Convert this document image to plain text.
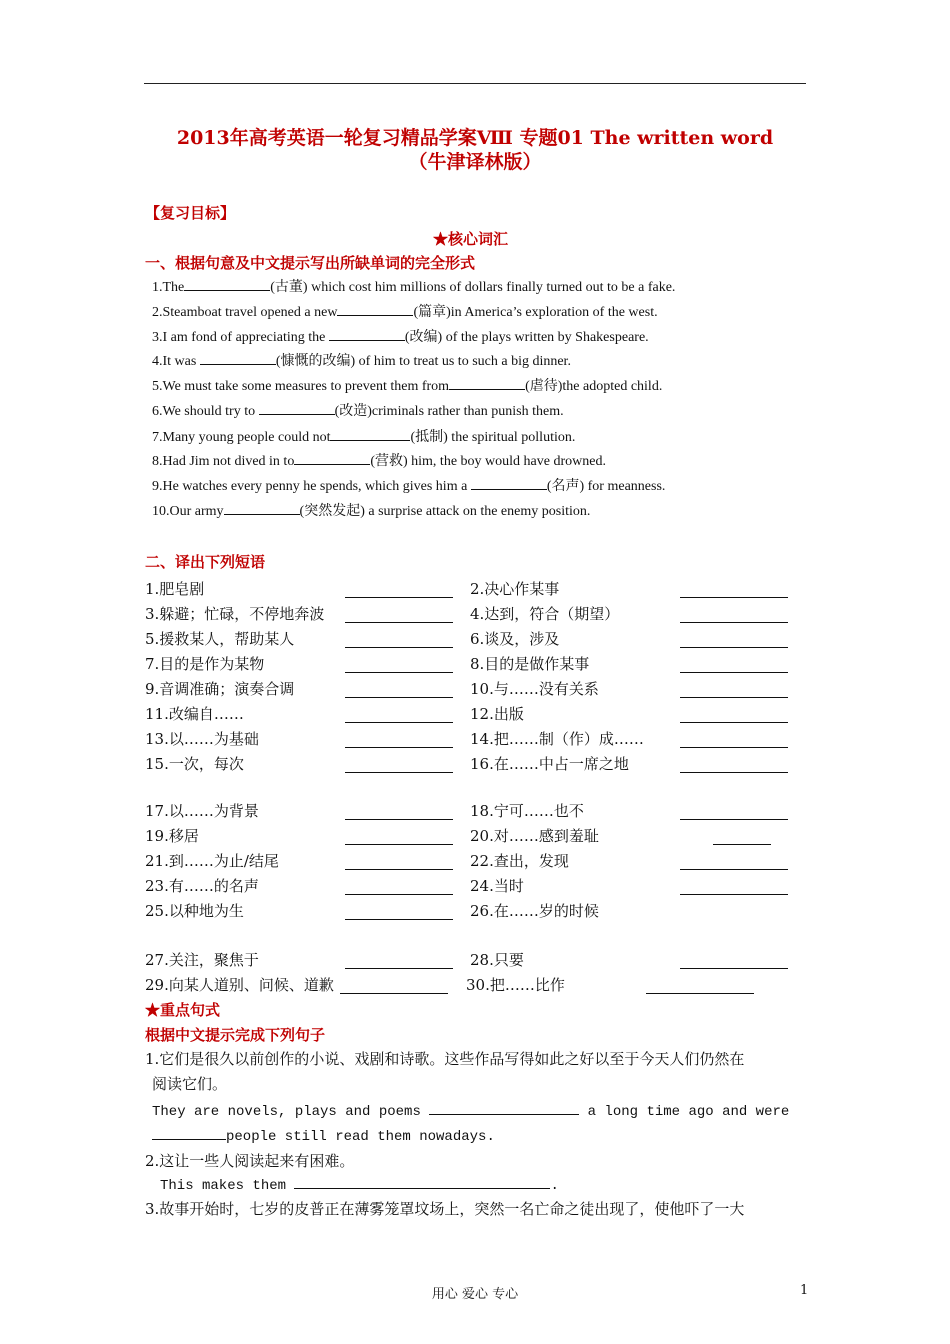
2013年高考英语一轮复习精品学案Ⅷ 专题01 The written word
（牛津译林版）
【复习目标】
★核心词汇
一、根据句意及中文提示写出所缺单词的完全形式
1.The	(古董) which cost him millions of dollars finally turned out to be a fake.
2.Steamboat travel opened a new	(篇章)in America’s exploration of the west.
3.I am fond of appreciating the	(改编) of the plays written by Shakespeare.
4.It was	(慷慨的改编) of him to treat us to such a big dinner.
5.We must take some measures to prevent them from	(虐待)the adopted child.
6.We should try to	(改造)criminals rather than punish them.
7.Many young people could not	(抵制) the spiritual pollution.
8.Had Jim not dived in to	(营救) him, the boy would have drowned.
9.He watches every penny he spends, which gives him a	(名声) for meanness.
10.Our army	(突然发起) a surprise attack on the enemy position.
二、译出下列短语
1.肥皂剧	2.决心作某事
3.躲避；忙碌，不停地奔波	4.达到，符合（期望）
5.援救某人，帮助某人	6.谈及，涉及
7.目的是作为某物	8.目的是做作某事
9.音调准确；演奏合调	10.与……没有关系
11.改编自……	12.出版
13.以……为基础	14.把……制（作）成……
15.一次，每次	16.在……中占一席之地
17.以……为背景	18.宁可……也不
19.移居	20.对……感到羞耻
21.到……为止/结尾	22.查出，发现
23.有……的名声	24.当时
25.以种地为生	26.在……岁的时候
27.关注，聚焦于	28.只要
29.向某人道别、问候、道歉	30.把……比作
★重点句式
根据中文提示完成下列句子
1.它们是很久以前创作的小说、戏剧和诗歌。这些作品写得如此之好以至于今天人们仍然在
阅读它们。
They are novels, plays and poems	a long time ago and were
people still read them nowadays.
2.这让一些人阅读起来有困难。
This makes them	.
3.故事开始时，七岁的皮普正在薄雾笼罩坟场上，突然一名亡命之徒出现了，使他吓了一大
用心 爱心 专心	1
